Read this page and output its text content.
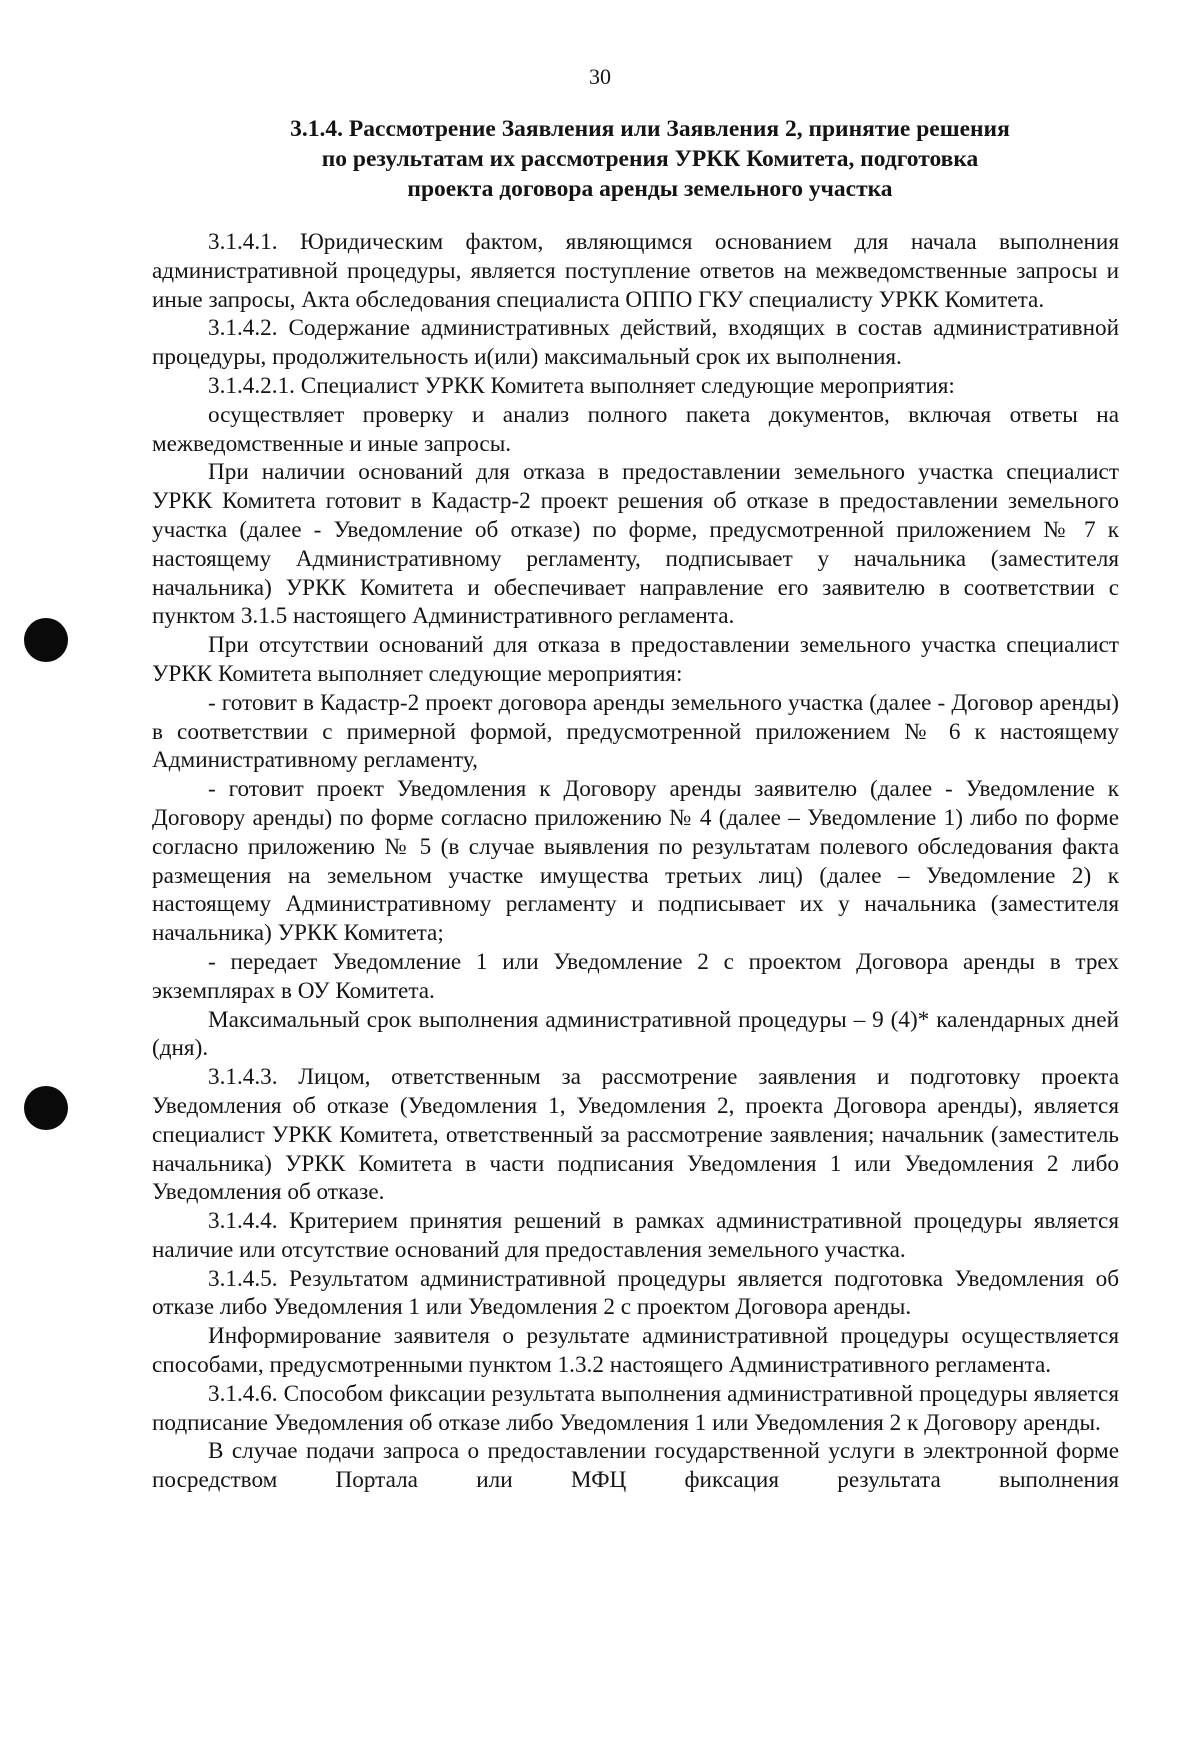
30
3.1.4. Рассмотрение Заявления или Заявления 2, принятие решения
по результатам их рассмотрения УРКК Комитета, подготовка
проекта договора аренды земельного участка

3.1.4.1. Юридическим фактом, являющимся основанием для начала выполнения административной процедуры, является поступление ответов на межведомственные запросы и иные запросы, Акта обследования специалиста ОППО ГКУ специалисту УРКК Комитета.

3.1.4.2. Содержание административных действий, входящих в состав административной процедуры, продолжительность и(или) максимальный срок их выполнения.

3.1.4.2.1. Специалист УРКК Комитета выполняет следующие мероприятия:

осуществляет проверку и анализ полного пакета документов, включая ответы на межведомственные и иные запросы.

При наличии оснований для отказа в предоставлении земельного участка специалист УРКК Комитета готовит в Кадастр-2 проект решения об отказе в предоставлении земельного участка (далее - Уведомление об отказе) по форме, предусмотренной приложением № 7 к настоящему Административному регламенту, подписывает у начальника (заместителя начальника) УРКК Комитета и обеспечивает направление его заявителю в соответствии с пунктом 3.1.5 настоящего Административного регламента.

При отсутствии оснований для отказа в предоставлении земельного участка специалист УРКК Комитета выполняет следующие мероприятия:

- готовит в Кадастр-2 проект договора аренды земельного участка (далее - Договор аренды) в соответствии с примерной формой, предусмотренной приложением № 6 к настоящему Административному регламенту,

- готовит проект Уведомления к Договору аренды заявителю (далее - Уведомление к Договору аренды) по форме согласно приложению № 4 (далее – Уведомление 1) либо по форме согласно приложению № 5 (в случае выявления по результатам полевого обследования факта размещения на земельном участке имущества третьих лиц) (далее – Уведомление 2) к настоящему Административному регламенту и подписывает их у начальника (заместителя начальника) УРКК Комитета;

- передает Уведомление 1 или Уведомление 2 с проектом Договора аренды в трех экземплярах в ОУ Комитета.

Максимальный срок выполнения административной процедуры – 9 (4)* календарных дней (дня).

3.1.4.3. Лицом, ответственным за рассмотрение заявления и подготовку проекта Уведомления об отказе (Уведомления 1, Уведомления 2, проекта Договора аренды), является специалист УРКК Комитета, ответственный за рассмотрение заявления; начальник (заместитель начальника) УРКК Комитета в части подписания Уведомления 1 или Уведомления 2 либо Уведомления об отказе.

3.1.4.4. Критерием принятия решений в рамках административной процедуры является наличие или отсутствие оснований для предоставления земельного участка.

3.1.4.5. Результатом административной процедуры является подготовка Уведомления об отказе либо Уведомления 1 или Уведомления 2 с проектом Договора аренды.

Информирование заявителя о результате административной процедуры осуществляется способами, предусмотренными пунктом 1.3.2 настоящего Административного регламента.

3.1.4.6. Способом фиксации результата выполнения административной процедуры является подписание Уведомления об отказе либо Уведомления 1 или Уведомления 2 к Договору аренды.

В случае подачи запроса о предоставлении государственной услуги в электронной форме посредством Портала или МФЦ фиксация результата выполнения
